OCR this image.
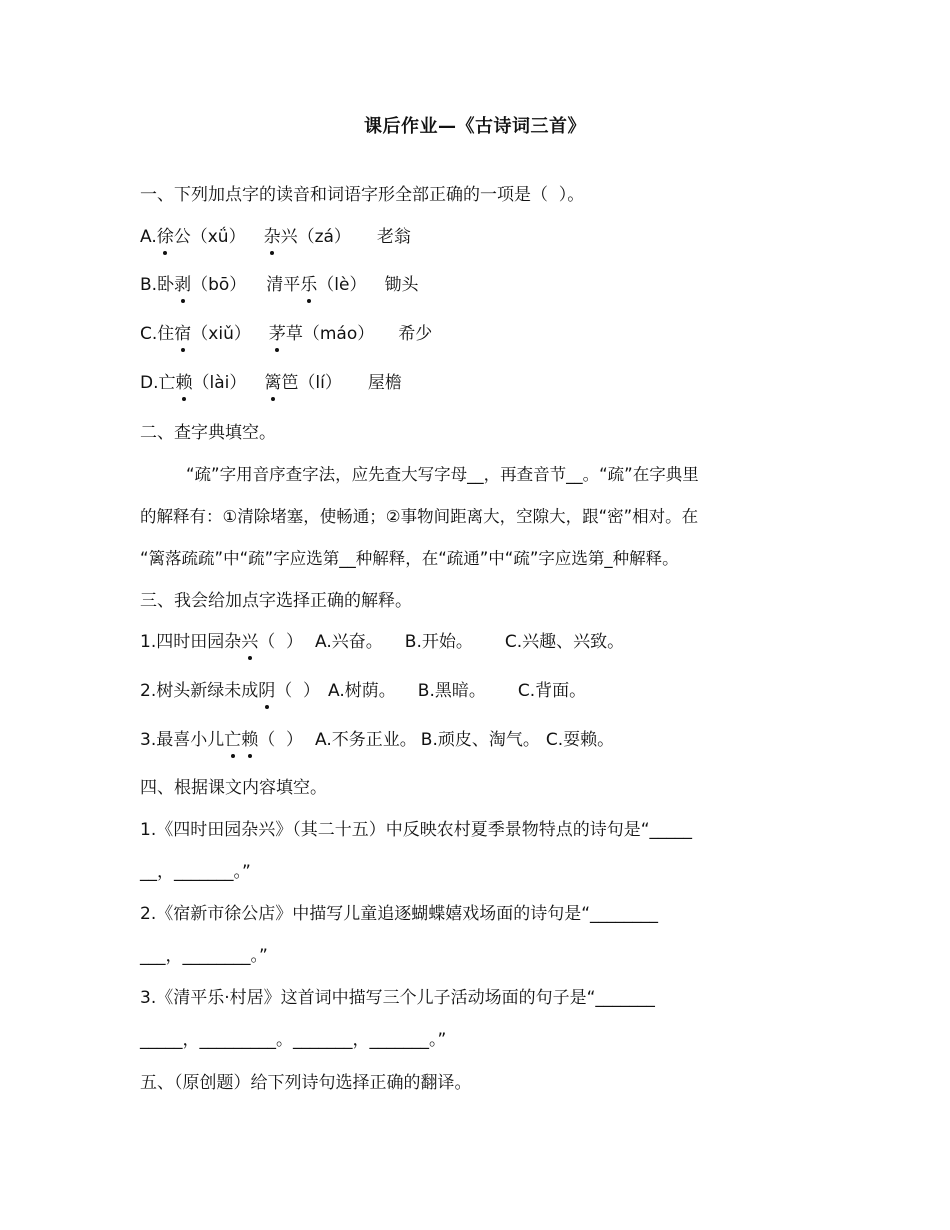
课后作业—《古诗词三首》
一、下列加点字的读音和词语字形全部正确的一项是（  ）。
A.徐公（xǘ） 杂兴（zá） 老翁
B.卧剥（bō） 清平乐（lè） 锄头
C.住宿（xiǔ） 茅草（máo） 希少
D.亡赖（lài） 篱笆（lí） 屋檐
二、查字典填空。
“疏”字用音序查字法，应先查大写字母__，再查音节__。“疏”在字典里
的解释有：①清除堵塞，使畅通；②事物间距离大，空隙大，跟“密”相对。在
“篱落疏疏”中“疏”字应选第__种解释，在“疏通”中“疏”字应选第_种解释。
三、我会给加点字选择正确的解释。
1.四时田园杂兴（  ） A.兴奋。 B.开始。 C.兴趣、兴致。
2.树头新绿未成阴（  ） A.树荫。 B.黑暗。 C.背面。
3.最喜小儿亡赖（  ） A.不务正业。 B.顽皮、淘气。 C.耍赖。
四、根据课文内容填空。
1.《四时田园杂兴》（其二十五）中反映农村夏季景物特点的诗句是“_____
__，_______。”
2.《宿新市徐公店》中描写儿童追逐蝴蝶嬉戏场面的诗句是“________
___，________。”
3.《清平乐·村居》这首词中描写三个儿子活动场面的句子是“_______
_____，_________。_______，_______。”
五、（原创题）给下列诗句选择正确的翻译。
